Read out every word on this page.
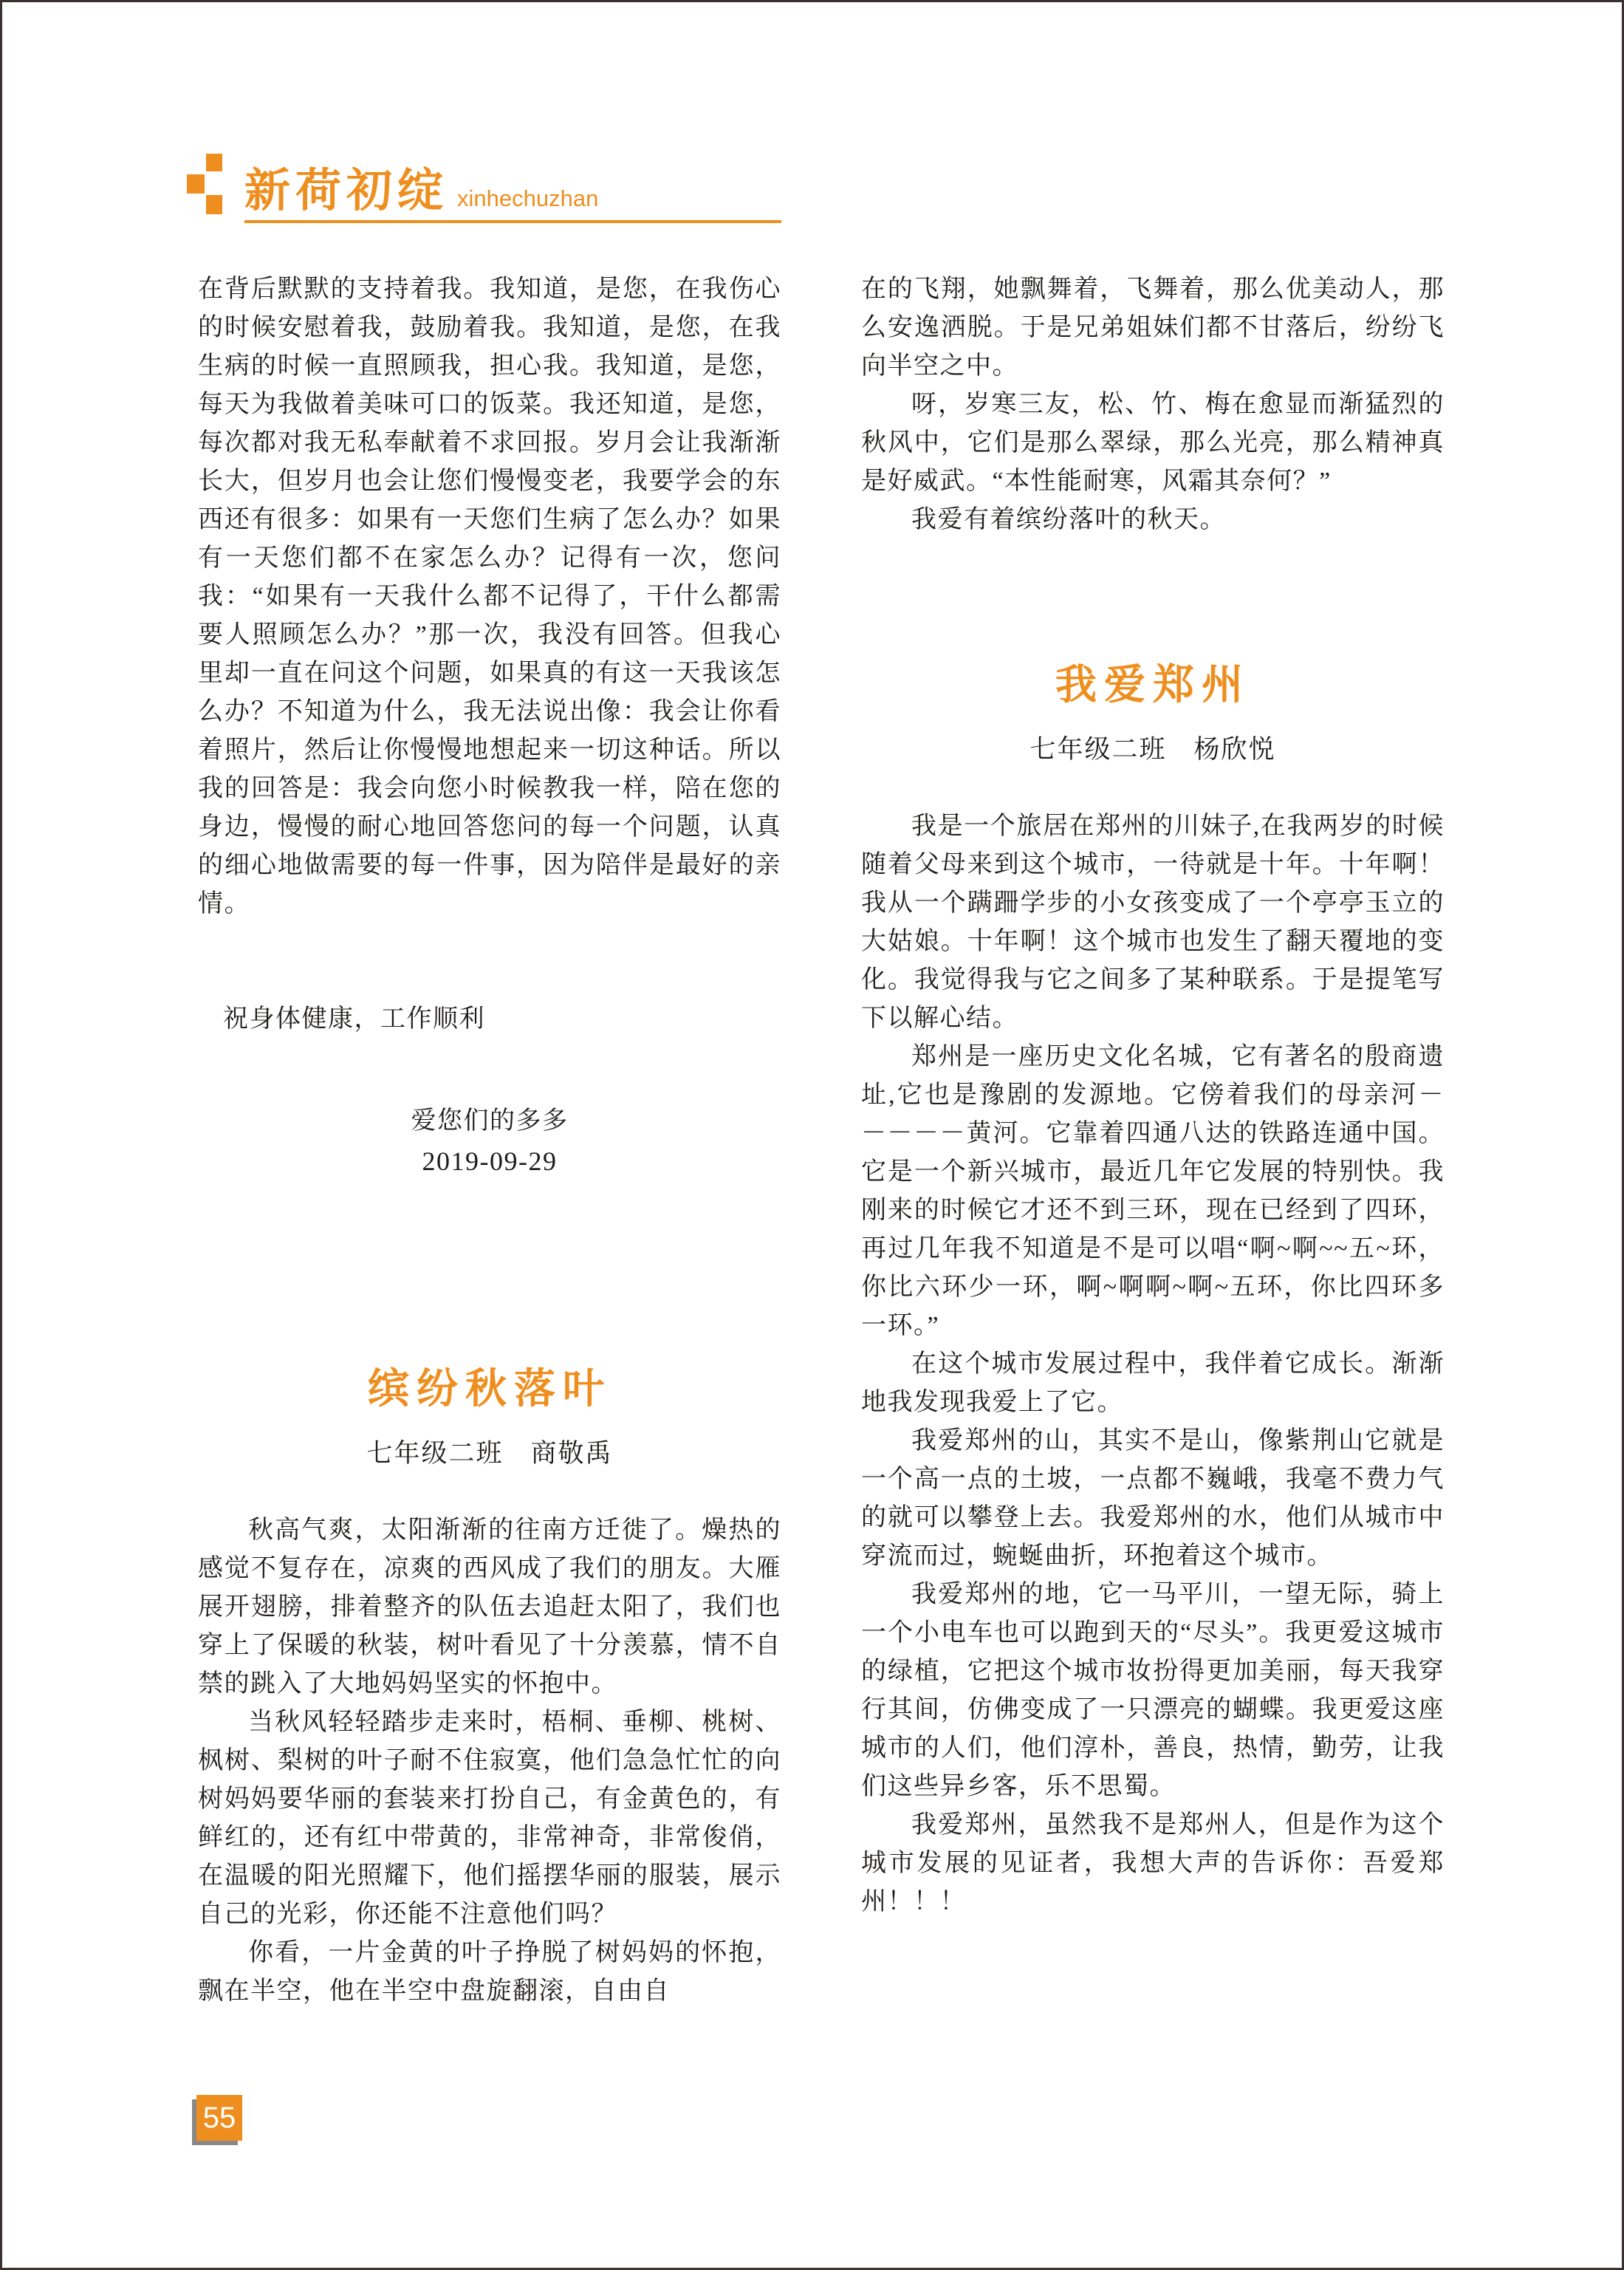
新荷初绽 xinhechuzhan

在背后默默的支持着我。我知道，是您，在我伤心的时候安慰着我，鼓励着我。我知道，是您，在我生病的时候一直照顾我，担心我。我知道，是您，每天为我做着美味可口的饭菜。我还知道，是您，每次都对我无私奉献着不求回报。岁月会让我渐渐长大，但岁月也会让您们慢慢变老，我要学会的东西还有很多：如果有一天您们生病了怎么办？如果有一天您们都不在家怎么办？记得有一次，您问我：“如果有一天我什么都不记得了，干什么都需要人照顾怎么办？”那一次，我没有回答。但我心里却一直在问这个问题，如果真的有这一天我该怎么办？不知道为什么，我无法说出像：我会让你看着照片，然后让你慢慢地想起来一切这种话。所以我的回答是：我会向您小时候教我一样，陪在您的身边，慢慢的耐心地回答您问的每一个问题，认真的细心地做需要的每一件事，因为陪伴是最好的亲情。

祝身体健康，工作顺利

爱您们的多多

2019-09-29

缤纷秋落叶

七年级二班　商敬禹

秋高气爽，太阳渐渐的往南方迁徙了。燥热的感觉不复存在，凉爽的西风成了我们的朋友。大雁展开翅膀，排着整齐的队伍去追赶太阳了，我们也穿上了保暖的秋装，树叶看见了十分羡慕，情不自禁的跳入了大地妈妈坚实的怀抱中。

当秋风轻轻踏步走来时，梧桐、垂柳、桃树、枫树、梨树的叶子耐不住寂寞，他们急急忙忙的向树妈妈要华丽的套装来打扮自己，有金黄色的，有鲜红的，还有红中带黄的，非常神奇，非常俊俏，在温暖的阳光照耀下，他们摇摆华丽的服装，展示自己的光彩，你还能不注意他们吗？

你看，一片金黄的叶子挣脱了树妈妈的怀抱，飘在半空，他在半空中盘旋翻滚，自由自

在的飞翔，她飘舞着，飞舞着，那么优美动人，那么安逸洒脱。于是兄弟姐妹们都不甘落后，纷纷飞向半空之中。

呀，岁寒三友，松、竹、梅在愈显而渐猛烈的秋风中，它们是那么翠绿，那么光亮，那么精神真是好威武。“本性能耐寒，风霜其奈何？”

我爱有着缤纷落叶的秋天。

我爱郑州

七年级二班　杨欣悦

我是一个旅居在郑州的川妹子,在我两岁的时候随着父母来到这个城市，一待就是十年。十年啊！我从一个蹒跚学步的小女孩变成了一个亭亭玉立的大姑娘。十年啊！这个城市也发生了翻天覆地的变化。我觉得我与它之间多了某种联系。于是提笔写下以解心结。

郑州是一座历史文化名城，它有著名的殷商遗址,它也是豫剧的发源地。它傍着我们的母亲河－－－－－黄河。它靠着四通八达的铁路连通中国。它是一个新兴城市，最近几年它发展的特别快。我刚来的时候它才还不到三环，现在已经到了四环，再过几年我不知道是不是可以唱“啊~啊~~五~环，你比六环少一环，啊~啊啊~啊~五环，你比四环多一环。”

在这个城市发展过程中，我伴着它成长。渐渐地我发现我爱上了它。

我爱郑州的山，其实不是山，像紫荆山它就是一个高一点的土坡，一点都不巍峨，我毫不费力气的就可以攀登上去。我爱郑州的水，他们从城市中穿流而过，蜿蜒曲折，环抱着这个城市。

我爱郑州的地，它一马平川，一望无际，骑上一个小电车也可以跑到天的“尽头”。我更爱这城市的绿植，它把这个城市妆扮得更加美丽，每天我穿行其间，仿佛变成了一只漂亮的蝴蝶。我更爱这座城市的人们，他们淳朴，善良，热情，勤劳，让我们这些异乡客，乐不思蜀。

我爱郑州，虽然我不是郑州人，但是作为这个城市发展的见证者，我想大声的告诉你：吾爱郑州！！！

55
